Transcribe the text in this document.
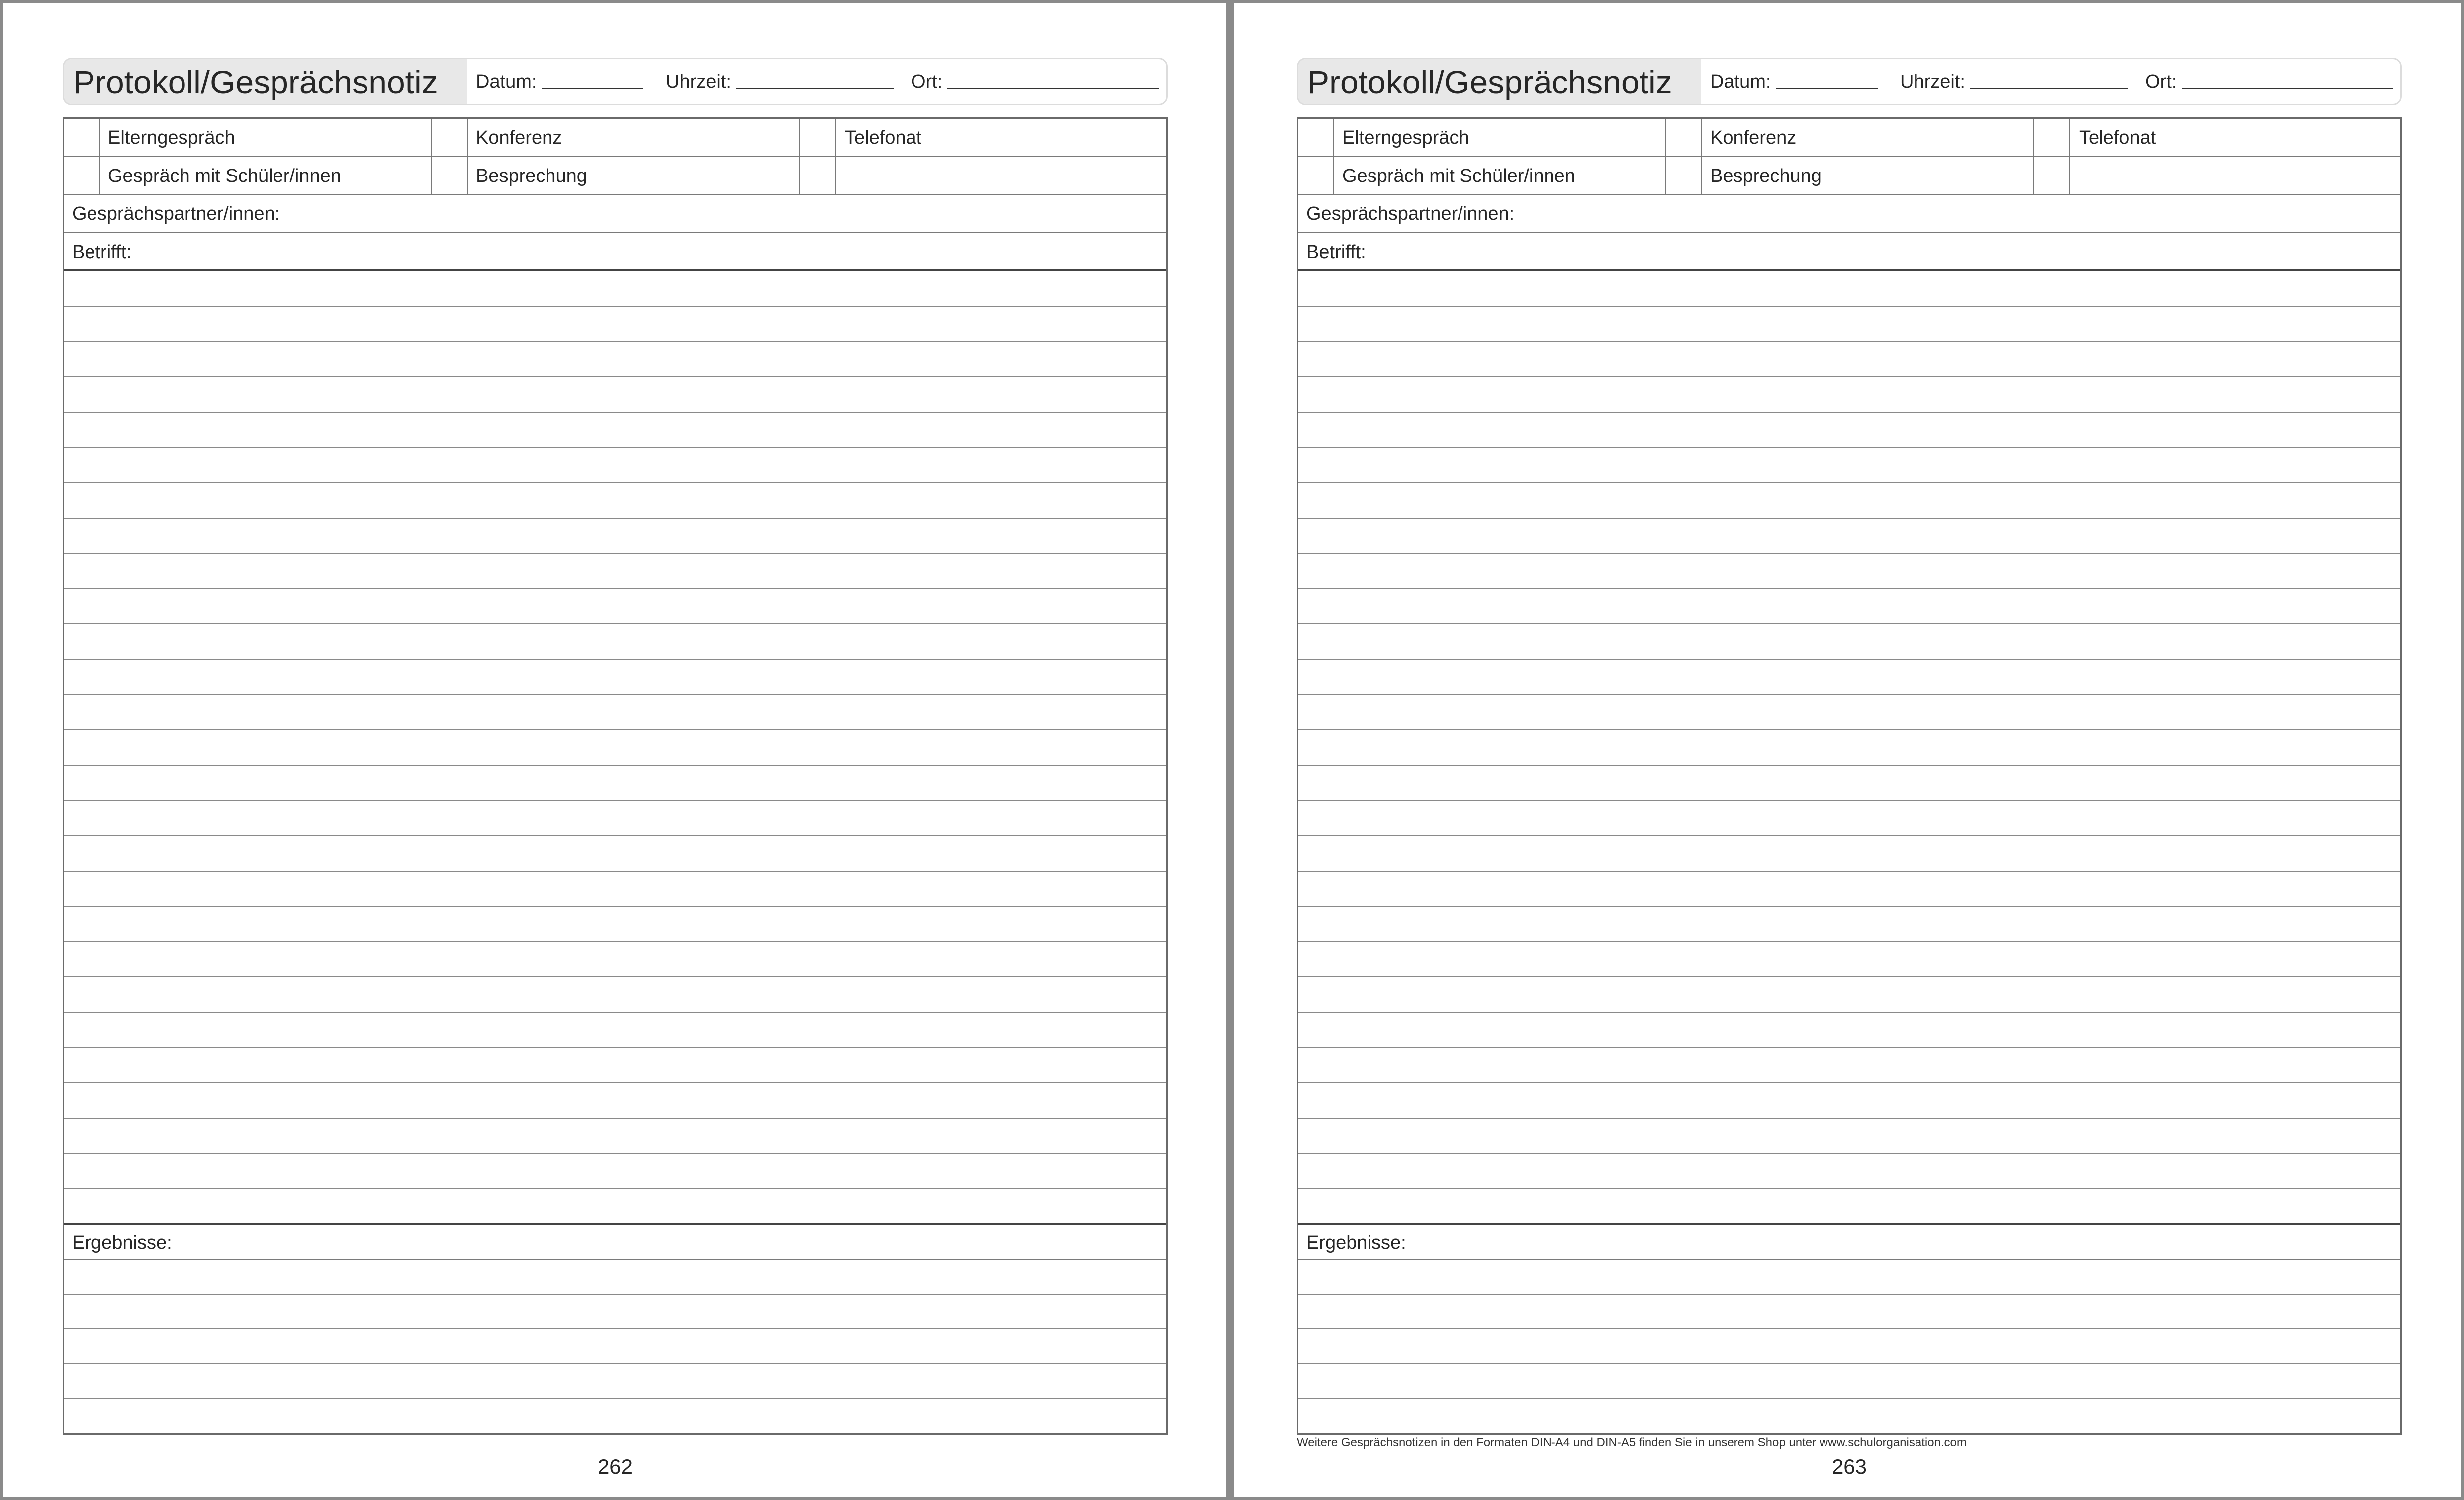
Protokoll/Gesprächsnotiz Datum:	Uhrzeit:	Ort:
Elterngespräch	Konferenz	Telefonat
Gespräch mit Schüler/innen	Besprechung
Gesprächspartner/innen:
Betrifft:
Ergebnisse:
262
Protokoll/Gesprächsnotiz Datum:	Uhrzeit:	Ort:
Elterngespräch	Konferenz	Telefonat
Gespräch mit Schüler/innen	Besprechung
Gesprächspartner/innen:
Betrifft:
Ergebnisse:
Weitere Gesprächsnotizen in den Formaten DIN-A4 und DIN-A5 finden Sie in unserem Shop unter www.schulorganisation.com
263
